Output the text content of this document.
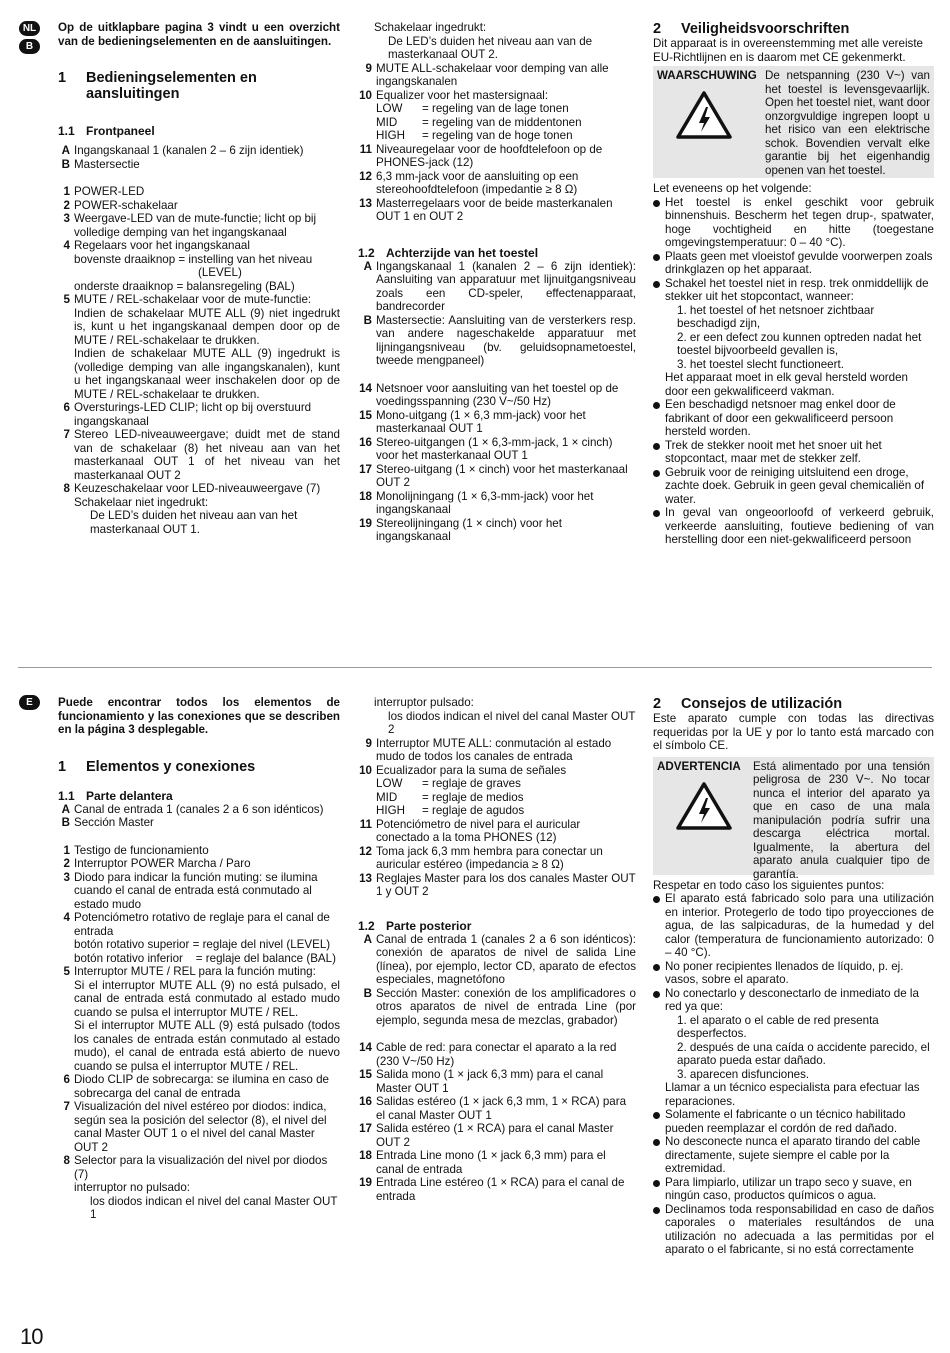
NL
B

Op de uitklapbare pagina 3 vindt u een overzicht van de bedieningselementen en de aansluitingen.

1 Bedieningselementen en aansluitingen
1.1 Frontpaneel
A Ingangskanaal 1 (kanalen 2 – 6 zijn identiek)

B Mastersectie

1 POWER-LED

2 POWER-schakelaar

3 Weergave-LED van de mute-functie; licht op bij volledige demping van het ingangskanaal

4 Regelaars voor het ingangskanaal

bovenste draaiknop = instelling van het niveau

(LEVEL)

onderste draaiknop = balansregeling (BAL)

5 MUTE / REL-schakelaar voor de mute-functie:

Indien de schakelaar MUTE ALL (9) niet ingedrukt is, kunt u het ingangskanaal dempen door op de MUTE / REL-schakelaar te drukken.

Indien de schakelaar MUTE ALL (9) ingedrukt is (volledige demping van alle ingangskanalen), kunt u het ingangskanaal weer inschakelen door op de MUTE / REL-schakelaar te drukken.

6 Oversturings-LED CLIP; licht op bij overstuurd ingangskanaal

7 Stereo LED-niveauweergave; duidt met de stand van de schakelaar (8) het niveau aan van het masterkanaal OUT 1 of het niveau van het masterkanaal OUT 2

8 Keuzeschakelaar voor LED-niveauweergave (7)

Schakelaar niet ingedrukt:

De LED’s duiden het niveau aan van het masterkanaal OUT 1.

Schakelaar ingedrukt:

De LED’s duiden het niveau aan van de masterkanaal OUT 2.

9 MUTE ALL-schakelaar voor demping van alle ingangskanalen

10 Equalizer voor het mastersignaal:

LOW	= regeling van de lage tonen
MID	= regeling van de middentonen
HIGH	= regeling van de hoge tonen
11 Niveauregelaar voor de hoofdtelefoon op de PHONES-jack (12)

12 6,3 mm-jack voor de aansluiting op een stereohoofdtelefoon (impedantie ≥ 8 Ω)

13 Masterregelaars voor de beide masterkanalen OUT 1 en OUT 2

1.2 Achterzijde van het toestel
A Ingangskanaal 1 (kanalen 2 – 6 zijn identiek): Aansluiting van apparatuur met lijnuitgangsniveau zoals een CD-speler, effectenapparaat, bandrecorder

B Mastersectie: Aansluiting van de versterkers resp. van andere nageschakelde apparatuur met lijningangsniveau (bv. geluidsopnametoestel, tweede mengpaneel)

14 Netsnoer voor aansluiting van het toestel op de voedingsspanning (230 V~/50 Hz)

15 Mono-uitgang (1 × 6,3 mm-jack) voor het masterkanaal OUT 1

16 Stereo-uitgangen (1 × 6,3-mm-jack, 1 × cinch) voor het masterkanaal OUT 1

17 Stereo-uitgang (1 × cinch) voor het masterkanaal OUT 2

18 Monolijningang (1 × 6,3-mm-jack) voor het ingangskanaal

19 Stereolijningang (1 × cinch) voor het ingangskanaal

2 Veiligheidsvoorschriften

Dit apparaat is in overeenstemming met alle vereiste EU-Richtlijnen en is daarom met CE gekenmerkt.

WAARSCHUWING De netspanning (230 V~) van het toestel is levensgevaarlijk. Open het toestel niet, want door onzorgvuldige ingrepen loopt u het risico van een elektrische schok. Bovendien vervalt elke garantie bij het eigenhandig openen van het toestel.

Let eveneens op het volgende:

Het toestel is enkel geschikt voor gebruik binnenshuis. Bescherm het tegen drup-, spatwater, hoge vochtigheid en hitte (toegestane omgevingstemperatuur: 0 – 40 °C).

Plaats geen met vloeistof gevulde voorwerpen zoals drinkglazen op het apparaat.

Schakel het toestel niet in resp. trek onmiddellijk de stekker uit het stopcontact, wanneer:

1. het toestel of het netsnoer zichtbaar beschadigd zijn,

2. er een defect zou kunnen optreden nadat het toestel bijvoorbeeld gevallen is,

3. het toestel slecht functioneert.

Het apparaat moet in elk geval hersteld worden door een gekwalificeerd vakman.

Een beschadigd netsnoer mag enkel door de fabrikant of door een gekwalificeerd persoon hersteld worden.

Trek de stekker nooit met het snoer uit het stopcontact, maar met de stekker zelf.

Gebruik voor de reiniging uitsluitend een droge, zachte doek. Gebruik in geen geval chemicaliën of water.

In geval van ongeoorloofd of verkeerd gebruik, verkeerde aansluiting, foutieve bediening of van herstelling door een niet-gekwalificeerd persoon

E	Puede encontrar todos los elementos de funcionamiento y las conexiones que se describen en la página 3 desplegable.

1 Elementos y conexiones
1.1 Parte delantera
A Canal de entrada 1 (canales 2 a 6 son idénticos)

B Sección Master

1 Testigo de funcionamiento

2 Interruptor POWER Marcha / Paro

3 Diodo para indicar la función muting: se ilumina cuando el canal de entrada está conmutado al estado mudo

4 Potenciómetro rotativo de reglaje para el canal de entrada

botón rotativo superior = reglaje del nivel (LEVEL)

botón rotativo inferior    = reglaje del balance (BAL)

5 Interruptor MUTE / REL para la función muting:

Si el interruptor MUTE ALL (9) no está pulsado, el canal de entrada está conmutado al estado mudo cuando se pulsa el interruptor MUTE / REL.

Si el interruptor MUTE ALL (9) está pulsado (todos los canales de entrada están conmutado al estado mudo), el canal de entrada está abierto de nuevo cuando se pulsa el interruptor MUTE / REL.

6 Diodo CLIP de sobrecarga: se ilumina en caso de sobrecarga del canal de entrada

7 Visualización del nivel estéreo por diodos: indica, según sea la posición del selector (8), el nivel del canal Master OUT 1 o el nivel del canal Master OUT 2

8 Selector para la visualización del nivel por diodos (7)

interruptor no pulsado:

los diodos indican el nivel del canal Master OUT 1

interruptor pulsado:

los diodos indican el nivel del canal Master OUT 2

9 Interruptor MUTE ALL: conmutación al estado mudo de todos los canales de entrada

10 Ecualizador para la suma de señales

LOW	= reglaje de graves
MID	= reglaje de medios
HIGH	= reglaje de agudos
11 Potenciómetro de nivel para el auricular conectado a la toma PHONES (12)

12 Toma jack 6,3 mm hembra para conectar un auricular estéreo (impedancia ≥ 8 Ω)

13 Reglajes Master para los dos canales Master OUT 1 y OUT 2

1.2 Parte posterior
A Canal de entrada 1 (canales 2 a 6 son idénticos): conexión de aparatos de nivel de salida Line (línea), por ejemplo, lector CD, aparato de efectos especiales, magnetófono

B Sección Master: conexión de los amplificadores o otros aparatos de nivel de entrada Line (por ejemplo, segunda mesa de mezclas, grabador)

14 Cable de red: para conectar el aparato a la red (230 V~/50 Hz)

15 Salida mono (1 × jack 6,3 mm) para el canal Master OUT 1

16 Salidas estéreo (1 × jack 6,3 mm, 1 × RCA) para el canal Master OUT 1

17 Salida estéreo (1 × RCA) para el canal Master OUT 2

18 Entrada Line mono (1 × jack 6,3 mm) para el canal de entrada

19 Entrada Line estéreo (1 × RCA) para el canal de entrada

2 Consejos de utilización

Este aparato cumple con todas las directivas requeridas por la UE y por lo tanto está marcado con el símbolo CE.

ADVERTENCIA Está alimentado por una tensión peligrosa de 230 V~. No tocar nunca el interior del aparato ya que en caso de una mala manipulación podría sufrir una descarga eléctrica mortal. Igualmente, la abertura del aparato anula cualquier tipo de garantía.

Respetar en todo caso los siguientes puntos:

El aparato está fabricado solo para una utilización en interior. Protegerlo de todo tipo proyecciones de agua, de las salpicaduras, de la humedad y del calor (temperatura de funcionamiento autorizado: 0 – 40 °C).

No poner recipientes llenados de líquido, p. ej. vasos, sobre el aparato.

No conectarlo y desconectarlo de inmediato de la red ya que:

1. el aparato o el cable de red presenta desperfectos.

2. después de una caída o accidente parecido, el aparato pueda estar dañado.

3. aparecen disfunciones.

Llamar a un técnico especialista para efectuar las reparaciones.

Solamente el fabricante o un técnico habilitado pueden reemplazar el cordón de red dañado.

No desconecte nunca el aparato tirando del cable directamente, sujete siempre el cable por la extremidad.

Para limpiarlo, utilizar un trapo seco y suave, en ningún caso, productos químicos o agua.

Declinamos toda responsabilidad en caso de daños caporales o materiales resultándos de una utilización no adecuada a las permitidas por el aparato o el fabricante, si no está correctamente

10
